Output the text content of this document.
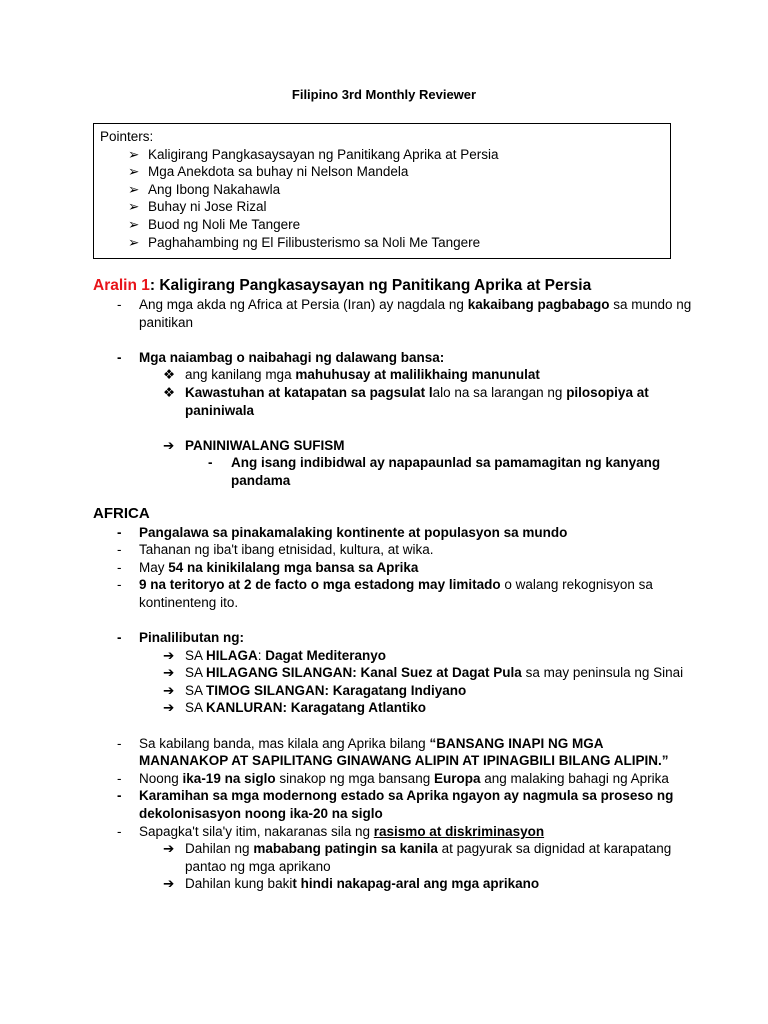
Filipino 3rd Monthly Reviewer
Pointers:
➢ Kaligirang Pangkasaysayan ng Panitikang Aprika at Persia
➢ Mga Anekdota sa buhay ni Nelson Mandela
➢ Ang Ibong Nakahawla
➢ Buhay ni Jose Rizal
➢ Buod ng Noli Me Tangere
➢ Paghahambing ng El Filibusterismo sa Noli Me Tangere
Aralin 1: Kaligirang Pangkasaysayan ng Panitikang Aprika at Persia
- Ang mga akda ng Africa at Persia (Iran) ay nagdala ng kakaibang pagbabago sa mundo ng panitikan
- Mga naiambag o naibahagi ng dalawang bansa:
❖ ang kanilang mga mahuhusay at malilikhaing manunulat
❖ Kawastuhan at katapatan sa pagsulat lalo na sa larangan ng pilosopiya at paniniwala
➔ PANINIWALANG SUFISM
- Ang isang indibidwal ay napapaunlad sa pamamagitan ng kanyang pandama
AFRICA
- Pangalawa sa pinakamalaking kontinente at populasyon sa mundo
- Tahanan ng iba't ibang etnisidad, kultura, at wika.
- May 54 na kinikilalang mga bansa sa Aprika
- 9 na teritoryo at 2 de facto o mga estadong may limitado o walang rekognisyon sa kontinenteng ito.
- Pinalilibutan ng:
➔ SA HILAGA: Dagat Mediteranyo
➔ SA HILAGANG SILANGAN: Kanal Suez at Dagat Pula sa may peninsula ng Sinai
➔ SA TIMOG SILANGAN: Karagatang Indiyano
➔ SA KANLURAN: Karagatang Atlantiko
- Sa kabilang banda, mas kilala ang Aprika bilang “BANSANG INAPI NG MGA MANANAKOP AT SAPILITANG GINAWANG ALIPIN AT IPINAGBILI BILANG ALIPIN.”
- Noong ika-19 na siglo sinakop ng mga bansang Europa ang malaking bahagi ng Aprika
- Karamihan sa mga modernong estado sa Aprika ngayon ay nagmula sa proseso ng dekolonisasyon noong ika-20 na siglo
- Sapagka't sila'y itim, nakaranas sila ng rasismo at diskriminasyon
➔ Dahilan ng mababang patingin sa kanila at pagyurak sa dignidad at karapatang pantao ng mga aprikano
➔ Dahilan kung bakit hindi nakapag-aral ang mga aprikano
